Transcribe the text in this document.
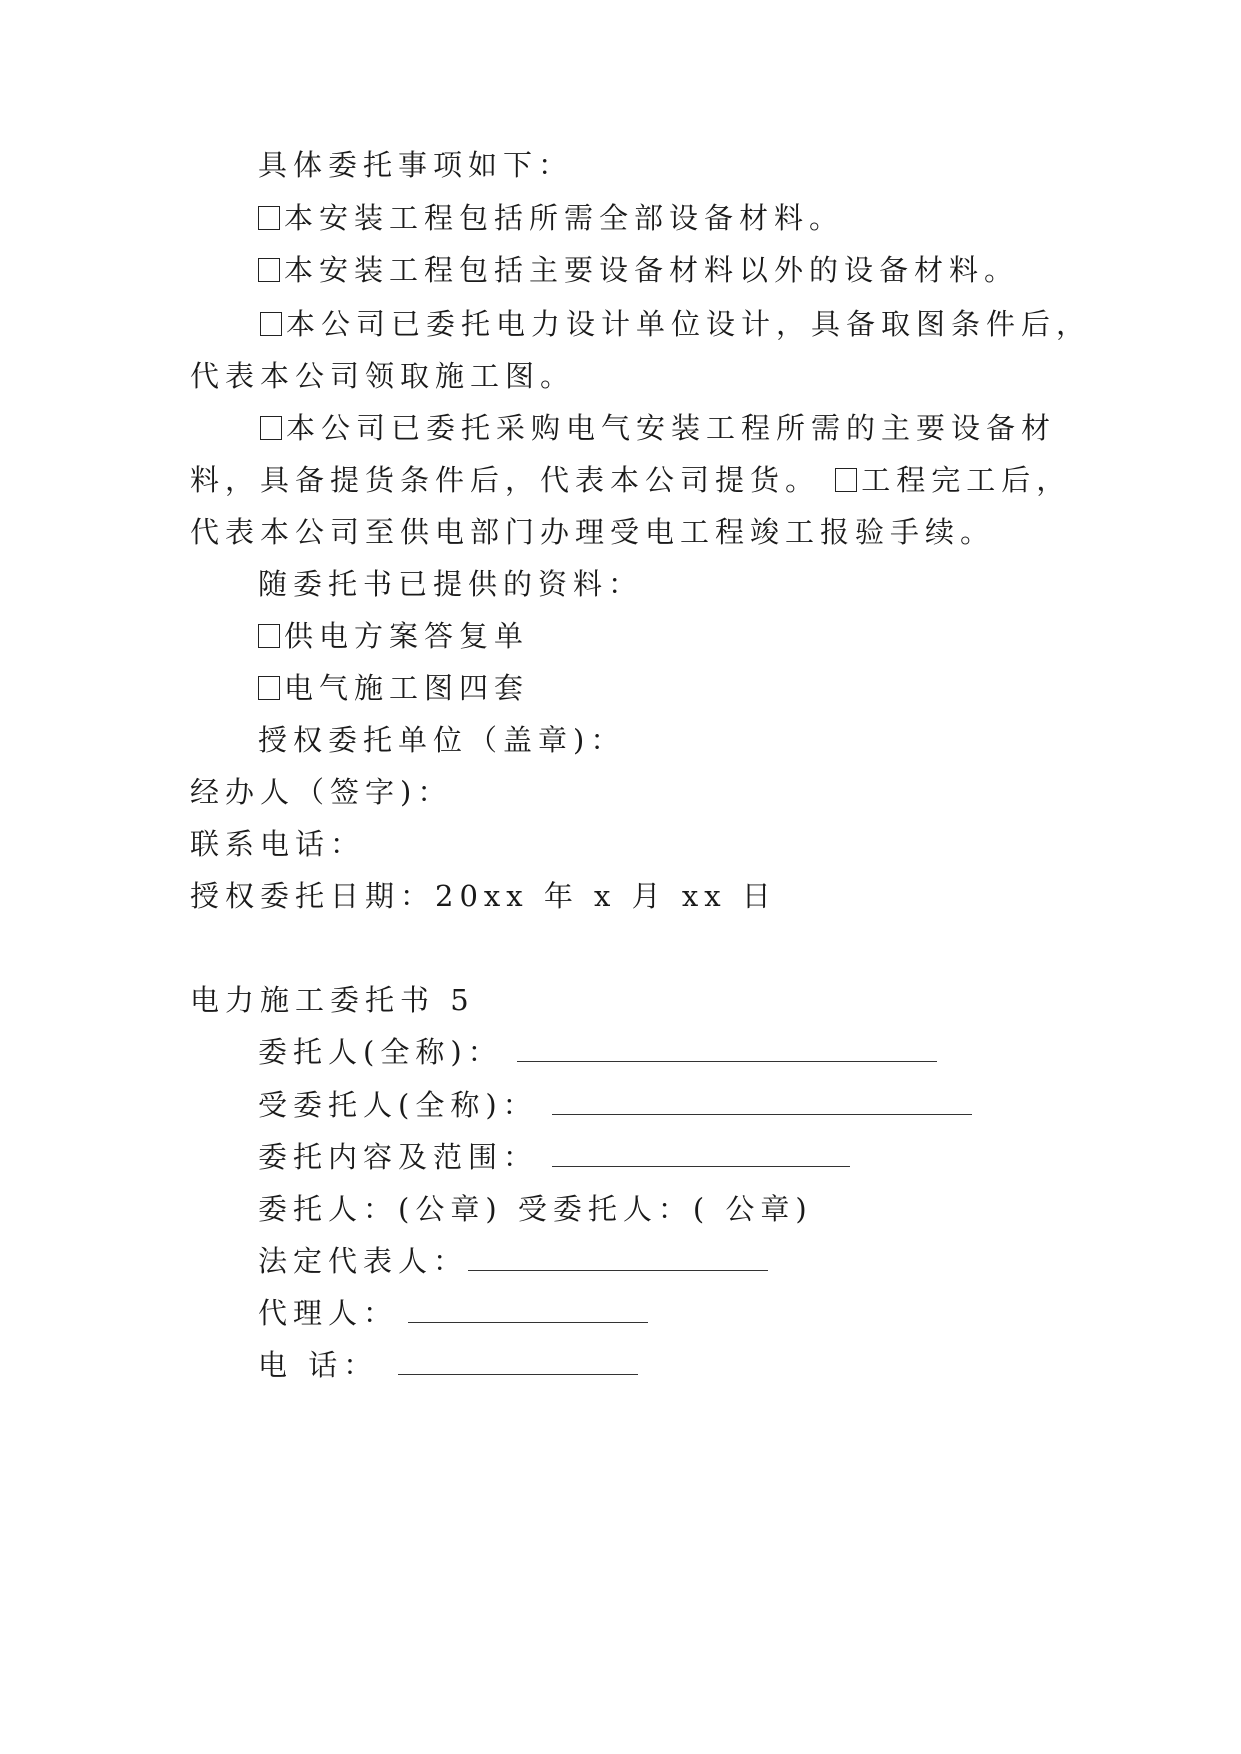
具体委托事项如下：
本安装工程包括所需全部设备材料。
本安装工程包括主要设备材料以外的设备材料。
本公司已委托电力设计单位设计，具备取图条件后，
代表本公司领取施工图。
本公司已委托采购电气安装工程所需的主要设备材
料，具备提货条件后，代表本公司提货。 工程完工后，
代表本公司至供电部门办理受电工程竣工报验手续。
随委托书已提供的资料：
供电方案答复单
电气施工图四套
授权委托单位（盖章)：
经办人（签字)：
联系电话：
授权委托日期：20xx 年 x 月 xx 日
电力施工委托书 5
委托人(全称)：
受委托人(全称)：
委托内容及范围：
委托人：(公章) 受委托人：( 公章)
法定代表人：
代理人：
电 话：
